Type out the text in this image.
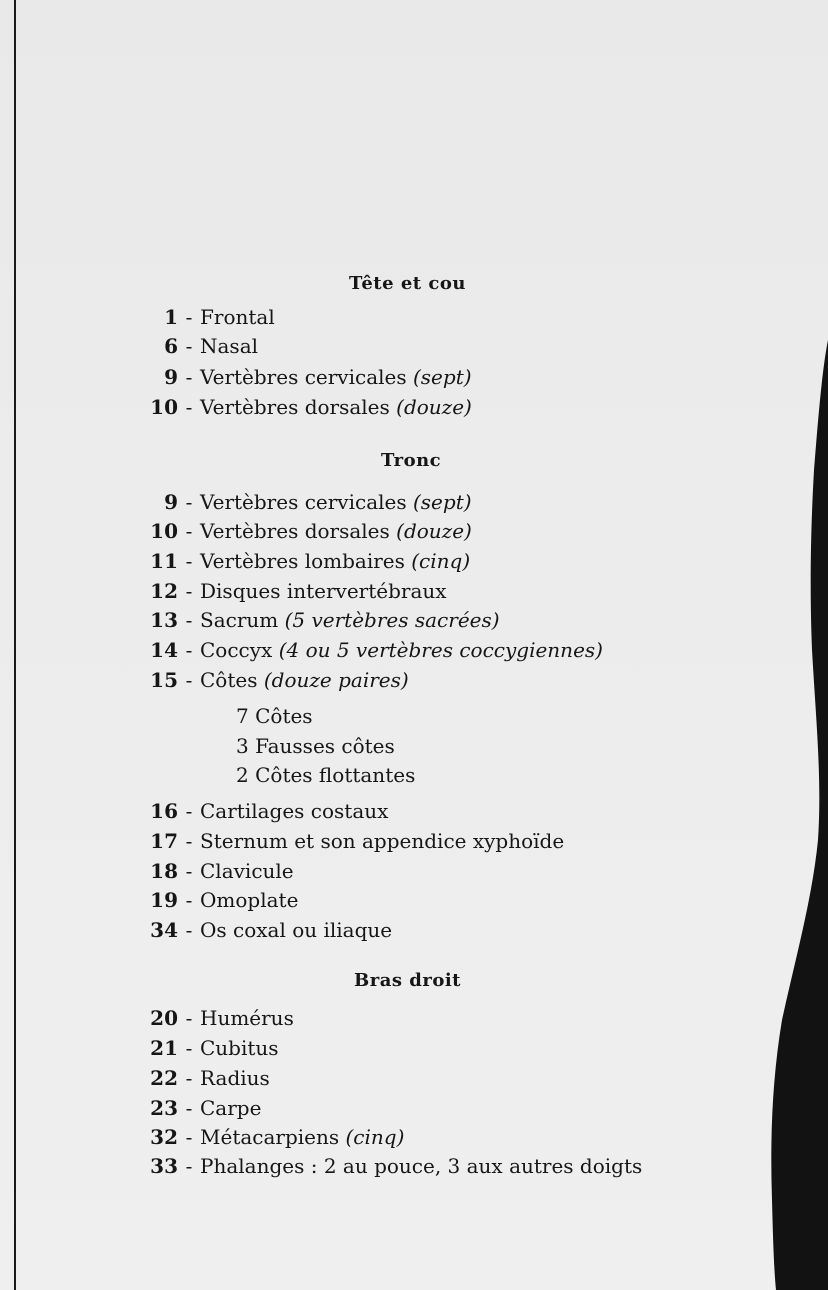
Tête et cou
1 - Frontal
6 - Nasal
9 - Vertèbres cervicales (sept)
10 - Vertèbres dorsales (douze)
Tronc
9 - Vertèbres cervicales (sept)
10 - Vertèbres dorsales (douze)
11 - Vertèbres lombaires (cinq)
12 - Disques intervertébraux
13 - Sacrum (5 vertèbres sacrées)
14 - Coccyx (4 ou 5 vertèbres coccygiennes)
15 - Côtes (douze paires)
7 Côtes
3 Fausses côtes
2 Côtes flottantes
16 - Cartilages costaux
17 - Sternum et son appendice xyphoïde
18 - Clavicule
19 - Omoplate
34 - Os coxal ou iliaque
Bras droit
20 - Humérus
21 - Cubitus
22 - Radius
23 - Carpe
32 - Métacarpiens (cinq)
33 - Phalanges : 2 au pouce, 3 aux autres doigts
